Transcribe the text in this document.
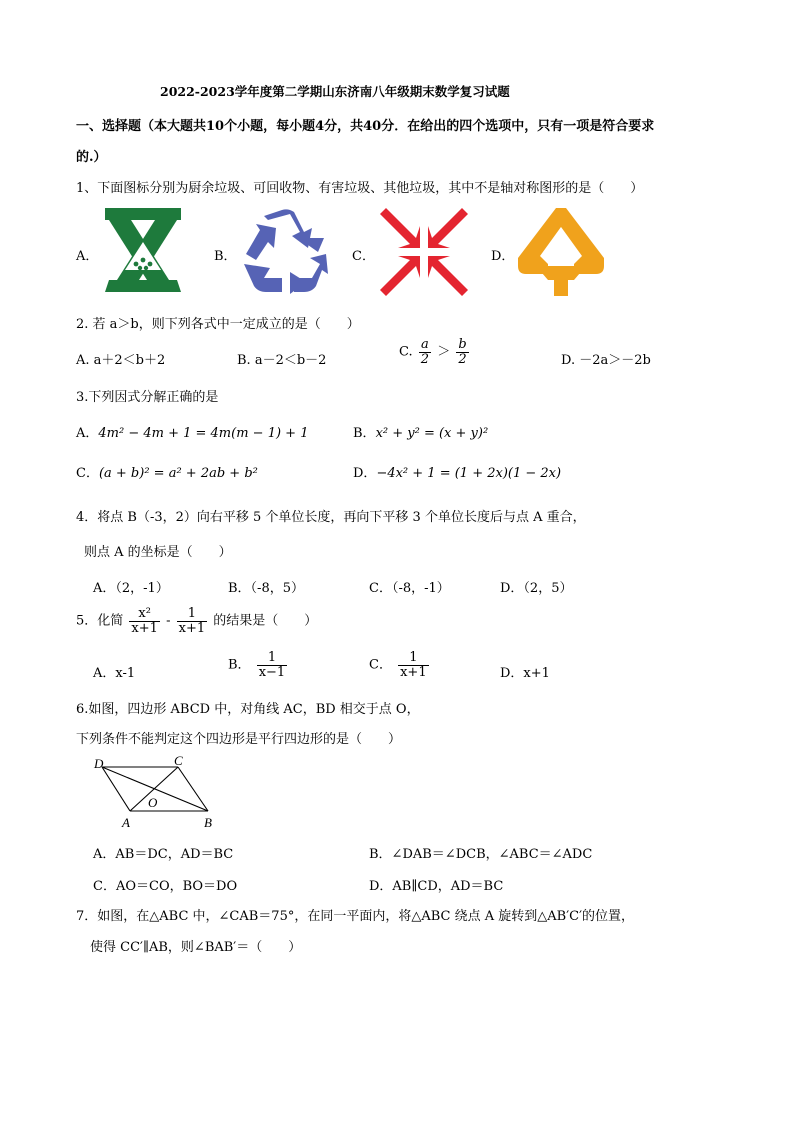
2022-2023学年度第二学期山东济南八年级期末数学复习试题
一、选择题（本大题共10个小题，每小题4分，共40分．在给出的四个选项中，只有一项是符合要求
的.）
1、下面图标分别为厨余垃圾、可回收物、有害垃圾、其他垃圾，其中不是轴对称图形的是（　　）
A．	B．	C．	D．
2. 若 a＞b，则下列各式中一定成立的是（　　）
A. a＋2＜b＋2	B. a－2＜b－2
C. $\frac{a}{2} > \frac{b}{2}$	D. －2a＞－2b
3.下列因式分解正确的是
A．4m² − 4m + 1 = 4m(m − 1) + 1	B．x² + y² = (x + y)²
C．(a + b)² = a² + 2ab + b²	D．−4x² + 1 = (1 + 2x)(1 − 2x)
4．将点 B（-3，2）向右平移 5 个单位长度，再向下平移 3 个单位长度后与点 A 重合，
则点 A 的坐标是（　　）
A．（2，-1）	B．（-8，5）	C．（-8，-1）	D．（2，5）
5．化简 $\frac{\text{x²}}{x+1} - \frac{1}{x+1}$ 的结果是（　　）
A．x-1
B． $\frac{1}{x-1}$	C． $\frac{1}{x+1}$	D．x+1
6.如图，四边形 ABCD 中，对角线 AC，BD 相交于点 O，
下列条件不能判定这个四边形是平行四边形的是（　　）
D	C
O
A	B
A．AB＝DC，AD＝BC	B．∠DAB＝∠DCB，∠ABC＝∠ADC
C．AO＝CO，BO＝DO	D．AB∥CD，AD＝BC
7．如图，在△ABC 中，∠CAB＝75°，在同一平面内，将△ABC 绕点 A 旋转到△AB′C′的位置，
使得 CC′∥AB，则∠BAB′＝（　　）
